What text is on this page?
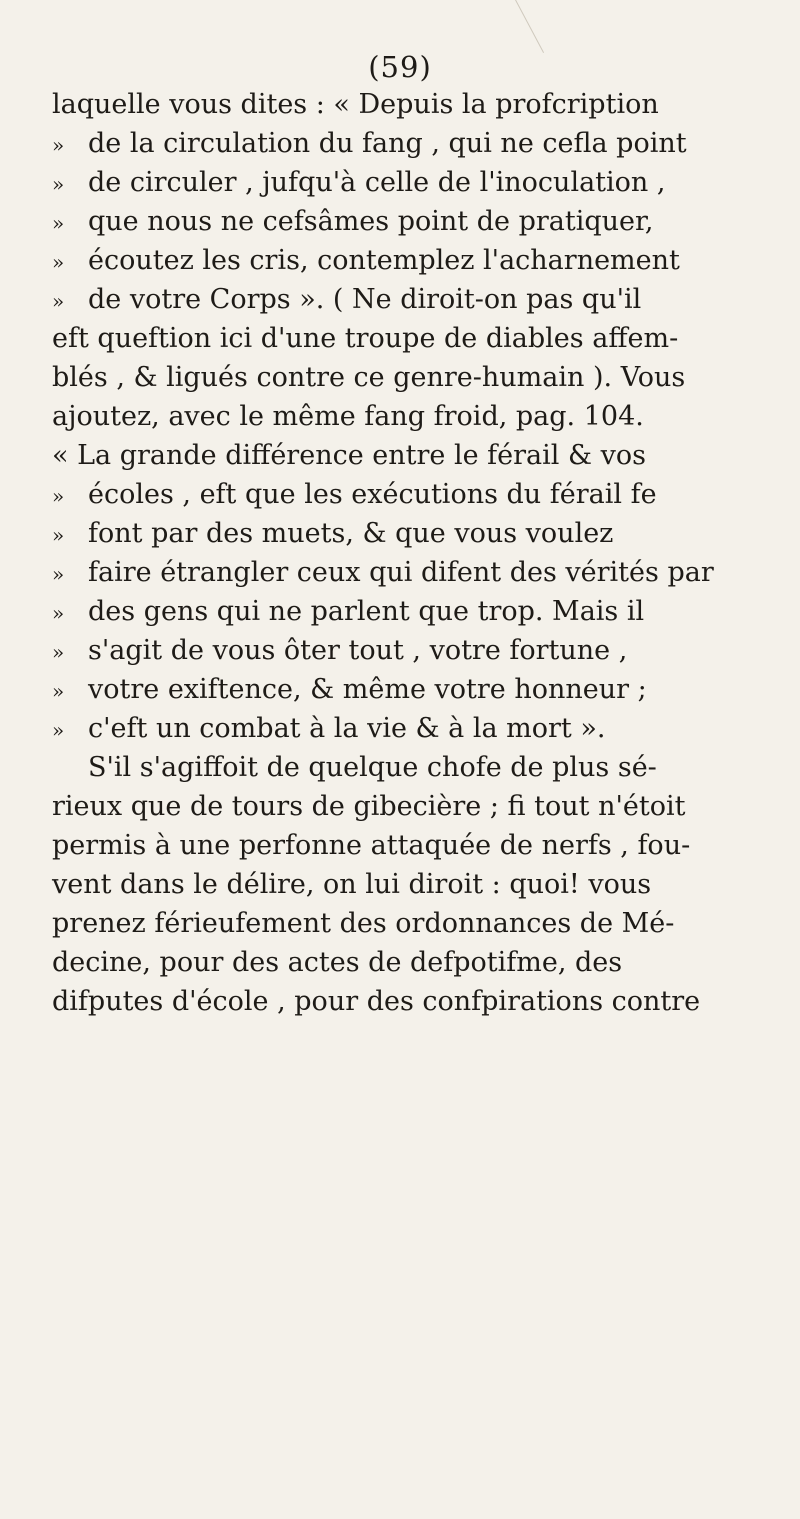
(59)
laquelle vous dites : « Depuis la profcription
» de la circulation du fang , qui ne cefla point
» de circuler , jufqu'à celle de l'inoculation ,
» que nous ne cefsâmes point de pratiquer,
» écoutez les cris, contemplez l'acharnement
» de votre Corps ». ( Ne diroit-on pas qu'il
eft queftion ici d'une troupe de diables affem-
blés , & ligués contre ce genre-humain ). Vous
ajoutez, avec le même fang froid, pag. 104.
« La grande différence entre le férail & vos
» écoles , eft que les exécutions du férail fe
» font par des muets, & que vous voulez
» faire étrangler ceux qui difent des vérités par
» des gens qui ne parlent que trop. Mais il
» s'agit de vous ôter tout , votre fortune ,
» votre exiftence, & même votre honneur ;
» c'eft un combat à la vie & à la mort ».
S'il s'agiffoit de quelque chofe de plus sé-
rieux que de tours de gibecière ; fi tout n'étoit
permis à une perfonne attaquée de nerfs , fou-
vent dans le délire, on lui diroit : quoi! vous
prenez férieufement des ordonnances de Mé-
decine, pour des actes de defpotifme, des
difputes d'école , pour des confpirations contre
